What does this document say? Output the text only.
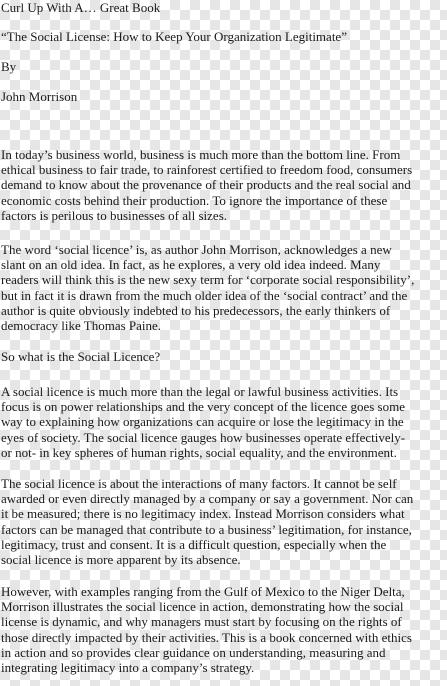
Curl Up With A… Great Book

“The Social License: How to Keep Your Organization Legitimate”

By

John Morrison

In today’s business world, business is much more than the bottom line. From
ethical business to fair trade, to rainforest certified to freedom food, consumers
demand to know about the provenance of their products and the real social and
economic costs behind their production. To ignore the importance of these
factors is perilous to businesses of all sizes.
The word ‘social licence’ is, as author John Morrison, acknowledges a new
slant on an old idea. In fact, as he explores, a very old idea indeed. Many
readers will think this is the new sexy term for ‘corporate social responsibility’,
but in fact it is drawn from the much older idea of the ‘social contract’ and the
author is quite obviously indebted to his predecessors, the early thinkers of
democracy like Thomas Paine.
So what is the Social Licence?
A social licence is much more than the legal or lawful business activities. Its
focus is on power relationships and the very concept of the licence goes some
way to explaining how organizations can acquire or lose the legitimacy in the
eyes of society. The social licence gauges how businesses operate effectively-
or not- in key spheres of human rights, social equality, and the environment.
The social licence is about the interactions of many factors. It cannot be self
awarded or even directly managed by a company or say a government. Nor can
it be measured; there is no legitimacy index. Instead Morrison considers what
factors can be managed that contribute to a business’ legitimation, for instance,
legitimacy, trust and consent. It is a difficult question, especially when the
social licence is more apparent by its absence.
However, with examples ranging from the Gulf of Mexico to the Niger Delta,
Morrison illustrates the social licence in action, demonstrating how the social
license is dynamic, and why managers must start by focusing on the rights of
those directly impacted by their activities. This is a book concerned with ethics
in action and so provides clear guidance on understanding, measuring and
integrating legitimacy into a company’s strategy.
